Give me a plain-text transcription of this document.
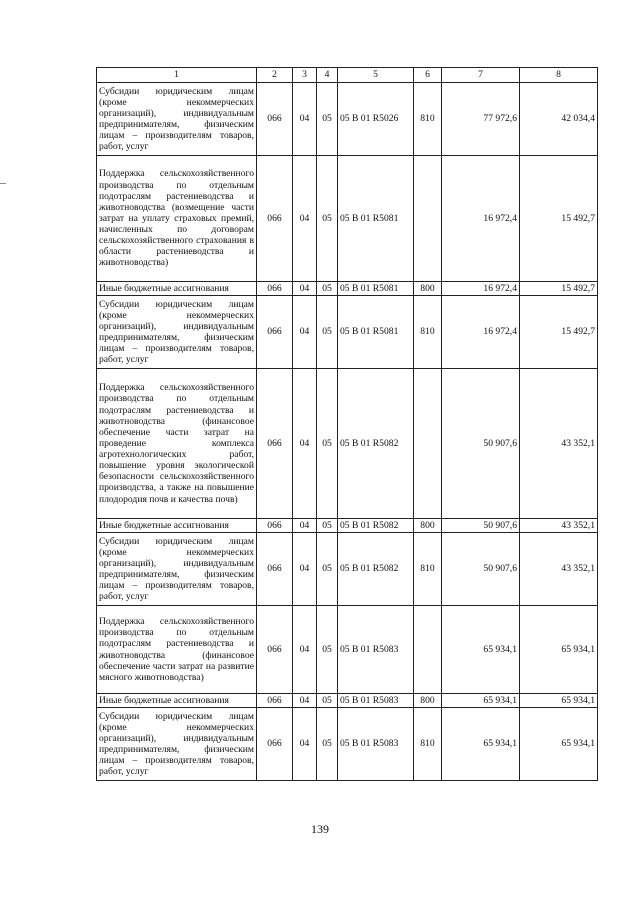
1	2	3	4	5	6	7	8
Субсидии юридическим лицам (кроме некоммерческих организаций), индивидуальным предпринимателям, физическим лицам – производителям товаров, работ, услуг	066	04	05	05 B 01 R5026	810	77 972,6	42 034,4
Поддержка сельскохозяйственного производства по отдельным подотраслям растениеводства и животноводства (возмещение части затрат на уплату страховых премий, начисленных по договорам сельскохозяйственного страхования в области растениеводства и животноводства)	066	04	05	05 B 01 R5081		16 972,4	15 492,7
Иные бюджетные ассигнования	066	04	05	05 B 01 R5081	800	16 972,4	15 492,7
Субсидии юридическим лицам (кроме некоммерческих организаций), индивидуальным предпринимателям, физическим лицам – производителям товаров, работ, услуг	066	04	05	05 B 01 R5081	810	16 972,4	15 492,7
Поддержка сельскохозяйственного производства по отдельным подотраслям растениеводства и животноводства (финансовое обеспечение части затрат на проведение комплекса агротехнологических работ, повышение уровня экологической безопасности сельскохозяйственного производства, а также на повышение плодородия почв и качества почв)	066	04	05	05 B 01 R5082		50 907,6	43 352,1
Иные бюджетные ассигнования	066	04	05	05 B 01 R5082	800	50 907,6	43 352,1
Субсидии юридическим лицам (кроме некоммерческих организаций), индивидуальным предпринимателям, физическим лицам – производителям товаров, работ, услуг	066	04	05	05 B 01 R5082	810	50 907,6	43 352,1
Поддержка сельскохозяйственного производства по отдельным подотраслям растениеводства и животноводства (финансовое обеспечение части затрат на развитие мясного животноводства)	066	04	05	05 B 01 R5083		65 934,1	65 934,1
Иные бюджетные ассигнования	066	04	05	05 B 01 R5083	800	65 934,1	65 934,1
Субсидии юридическим лицам (кроме некоммерческих организаций), индивидуальным предпринимателям, физическим лицам – производителям товаров, работ, услуг	066	04	05	05 B 01 R5083	810	65 934,1	65 934,1
139
